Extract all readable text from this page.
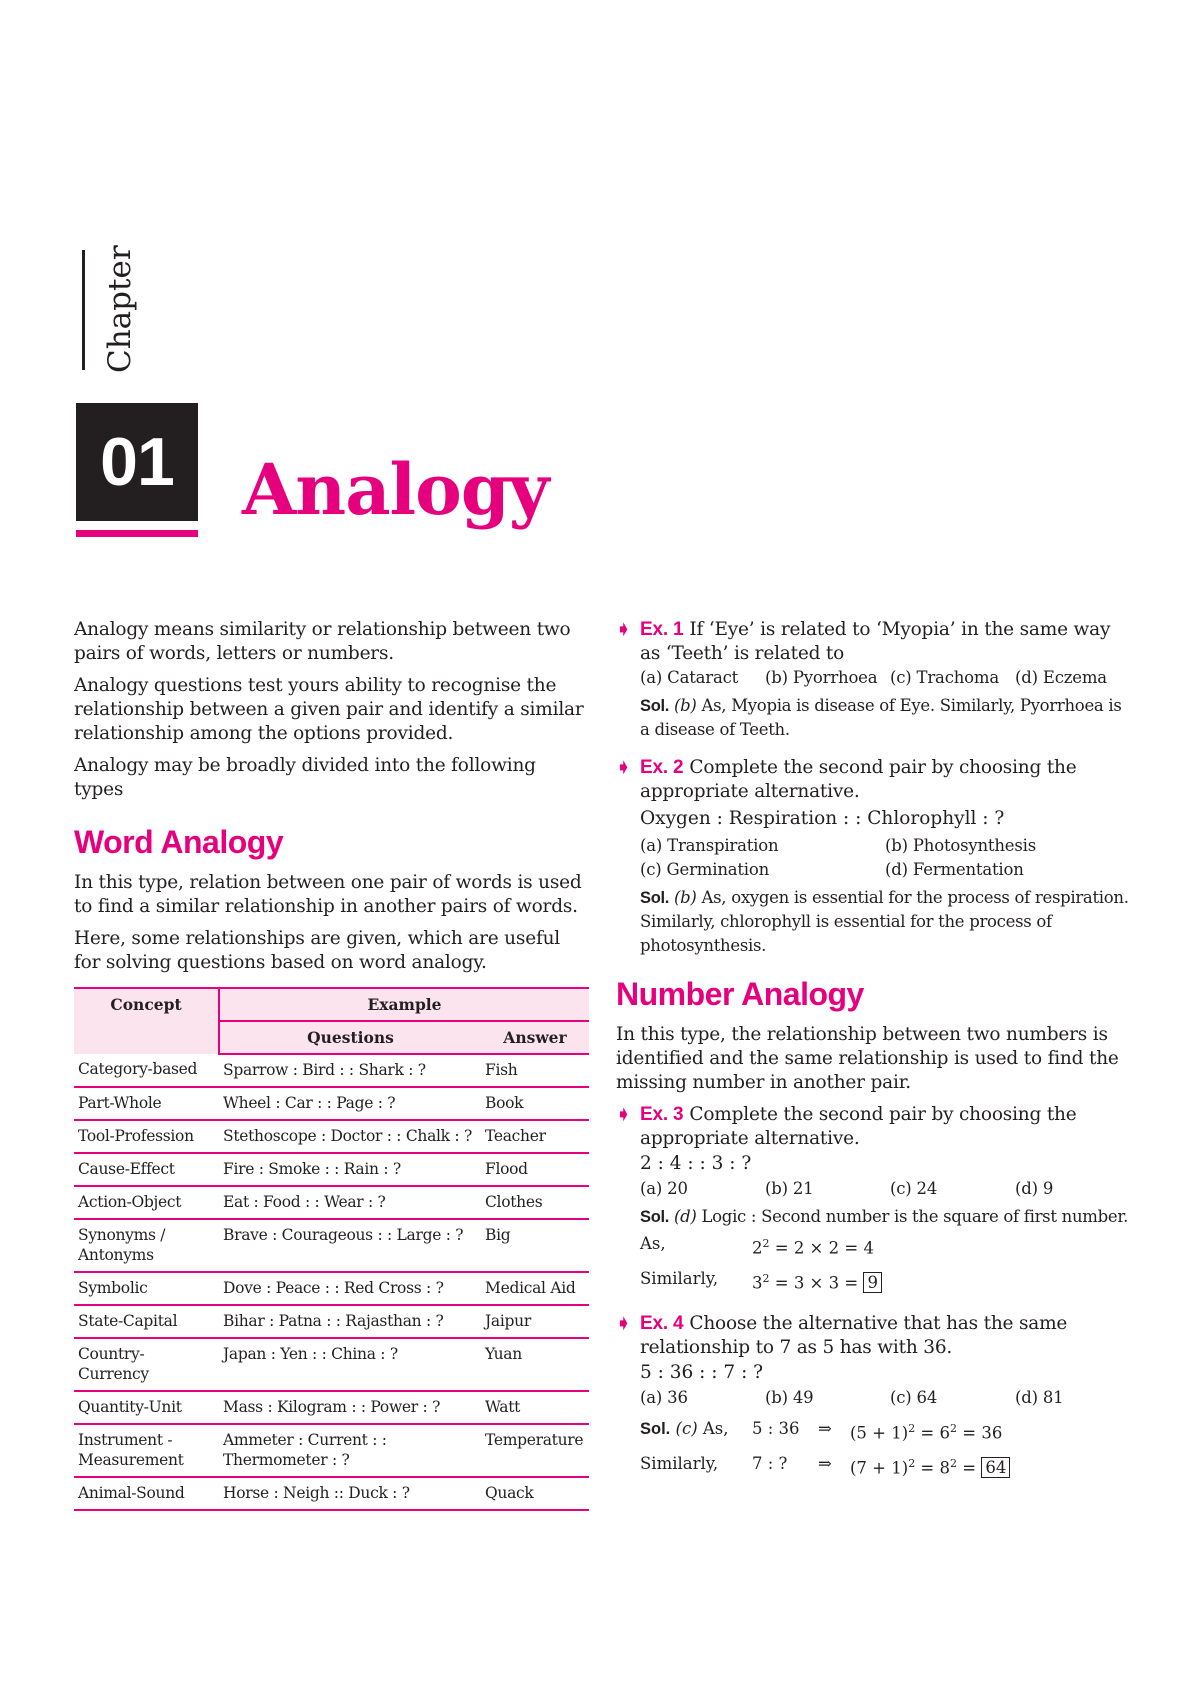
Chapter
01 Analogy

Analogy means similarity or relationship between two pairs of words, letters or numbers.

Analogy questions test yours ability to recognise the relationship between a given pair and identify a similar relationship among the options provided.

Analogy may be broadly divided into the following types

Word Analogy

In this type, relation between one pair of words is used to find a similar relationship in another pairs of words.

Here, some relationships are given, which are useful for solving questions based on word analogy.

Concept	Example	
	Questions	Answer
Category-based	Sparrow : Bird : : Shark : ?	Fish
Part-Whole	Wheel : Car : : Page : ?	Book
Tool-Profession	Stethoscope : Doctor : : Chalk : ?	Teacher
Cause-Effect	Fire : Smoke : : Rain : ?	Flood
Action-Object	Eat : Food : : Wear : ?	Clothes
Synonyms / Antonyms	Brave : Courageous : : Large : ?	Big
Symbolic	Dove : Peace : : Red Cross : ?	Medical Aid
State-Capital	Bihar : Patna : : Rajasthan : ?	Jaipur
Country-Currency	Japan : Yen : : China : ?	Yuan
Quantity-Unit	Mass : Kilogram : : Power : ?	Watt
Instrument - Measurement	Ammeter : Current : : Thermometer : ?	Temperature
Animal-Sound	Horse : Neigh :: Duck : ?	Quack
➧ Ex. 1 If ‘Eye’ is related to ‘Myopia’ in the same way as ‘Teeth’ is related to

(a) Cataract	(b) Pyorrhoea (c) Trachoma (d) Eczema

Sol. (b) As, Myopia is disease of Eye. Similarly, Pyorrhoea is a disease of Teeth.

➧ Ex. 2 Complete the second pair by choosing the appropriate alternative.

Oxygen : Respiration : : Chlorophyll : ?

(a) Transpiration	(b) Photosynthesis
(c) Germination	(d) Fermentation

Sol. (b) As, oxygen is essential for the process of respiration. Similarly, chlorophyll is essential for the process of photosynthesis.

Number Analogy

In this type, the relationship between two numbers is identified and the same relationship is used to find the missing number in another pair.

➧ Ex. 3 Complete the second pair by choosing the appropriate alternative.

2 : 4 : : 3 : ?

(a) 20	(b) 21	(c) 24	(d) 9

Sol. (d) Logic : Second number is the square of first number.

As,	$2^2 = 2 \times 2 = 4$
Similarly,	$3^2 = 3 \times 3 = 9$
➧ Ex. 4 Choose the alternative that has the same relationship to 7 as 5 has with 36.

5 : 36 : : 7 : ?

(a) 36	(b) 49	(c) 64	(d) 81
Sol. (c) As,	5 : 36	⇒	$(5 + 1)^2 = 6^2 = 36$
Similarly,	7 : ?	⇒	$(7 + 1)^2 = 8^2 = 64$
